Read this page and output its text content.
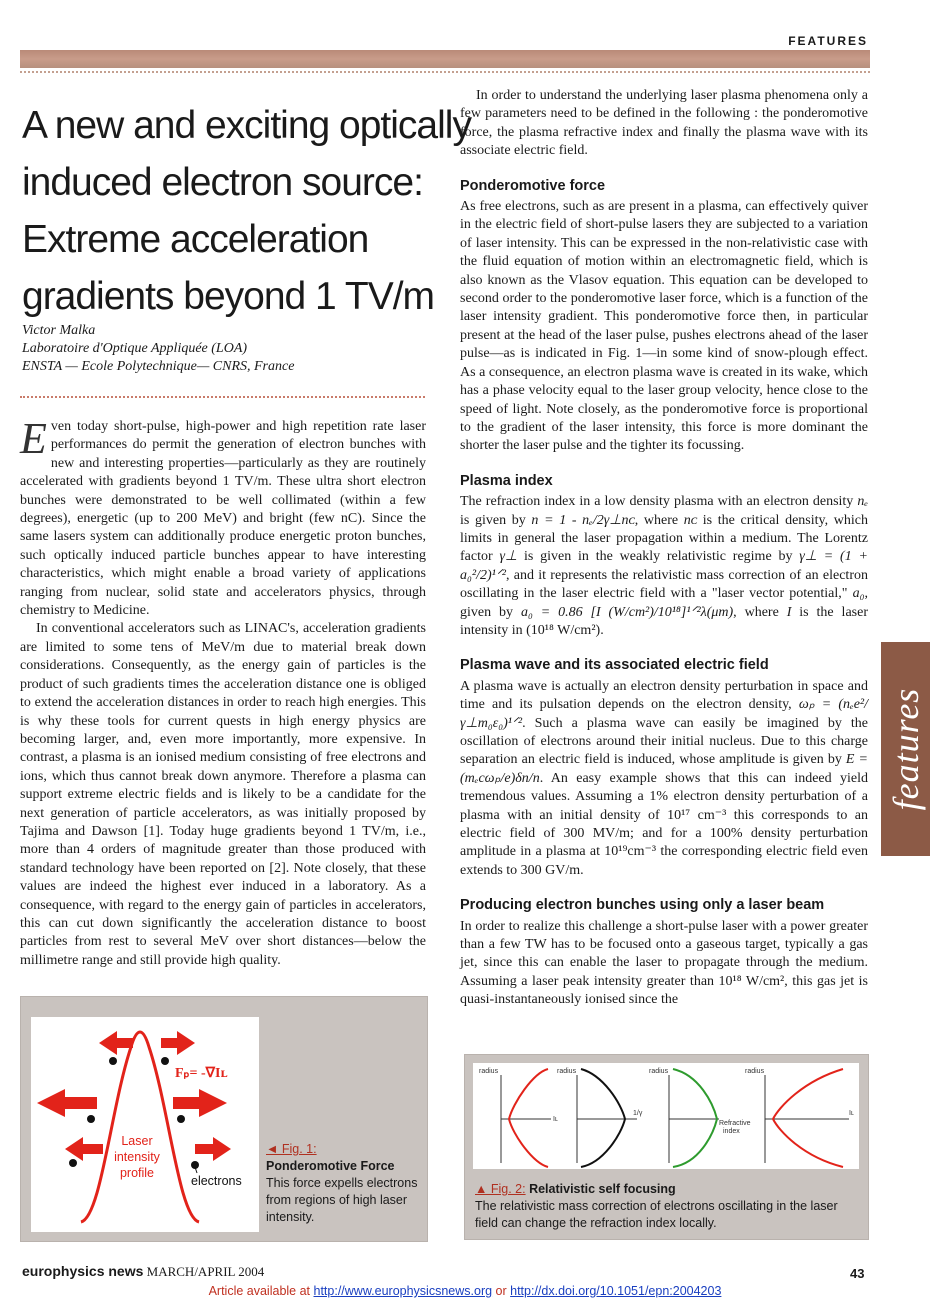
FEATURES
A new and exciting optically
induced electron source:
Extreme acceleration
gradients beyond 1 TV/m
Victor Malka
Laboratoire d'Optique Appliquée (LOA)
ENSTA — Ecole Polytechnique— CNRS, France

Even today short-pulse, high-power and high repetition rate laser performances do permit the generation of electron bunches with new and interesting properties—particularly as they are routinely accelerated with gradients beyond 1 TV/m. These ultra short electron bunches were demonstrated to be well collimated (within a few degrees), energetic (up to 200 MeV) and bright (few nC). Since the same lasers system can additionally produce energetic proton bunches, such optically induced particle bunches appear to have interesting characteristics, which might enable a broad variety of applications ranging from nuclear, solid state and accelerators physics, through chemistry to Medicine.

In conventional accelerators such as LINAC's, acceleration gradients are limited to some tens of MeV/m due to material break down considerations. Consequently, as the energy gain of particles is the product of such gradients times the acceleration distance one is obliged to extend the acceleration distances in order to reach high energies. This is why these tools for current quests in high energy physics are becoming larger, and, even more importantly, more expensive. In contrast, a plasma is an ionised medium consisting of free electrons and ions, which thus cannot break down anymore. Therefore a plasma can support extreme electric fields and is likely to be a candidate for the next generation of particle accelerators, as was initially proposed by Tajima and Dawson [1]. Today huge gradients beyond 1 TV/m, i.e., more than 4 orders of magnitude greater than those produced with standard technology have been reported on [2]. Note closely, that these values are indeed the highest ever induced in a laboratory. As a consequence, with regard to the energy gain of particles in accelerators, this can cut down significantly the acceleration distance to boost particles from rest to several MeV over short distances—below the millimetre range and still provide high quality.

In order to understand the underlying laser plasma phenomena only a few parameters need to be defined in the following : the ponderomotive force, the plasma refractive index and finally the plasma wave with its associate electric field.

Ponderomotive force

As free electrons, such as are present in a plasma, can effectively quiver in the electric field of short-pulse lasers they are subjected to a variation of laser intensity. This can be expressed in the non-relativistic case with the fluid equation of motion within an electromagnetic field, which is also known as the Vlasov equation. This equation can be developed to second order to the ponderomotive laser force, which is a function of the laser intensity gradient. This ponderomotive force then, in particular present at the head of the laser pulse, pushes electrons ahead of the laser pulse—as is indicated in Fig. 1—in some kind of snow-plough effect. As a consequence, an electron plasma wave is created in its wake, which has a phase velocity equal to the laser group velocity, hence close to the speed of light. Note closely, as the ponderomotive force is proportional to the gradient of the laser intensity, this force is more dominant the shorter the laser pulse and the tighter its focussing.

Plasma index

The refraction index in a low density plasma with an electron density nₑ is given by n = 1 - nₑ/2γ⊥nᴄ, where nᴄ is the critical density, which limits in general the laser propagation within a medium. The Lorentz factor γ⊥ is given in the weakly relativistic regime by γ⊥ = (1 + a₀²/2)¹ᐟ², and it represents the relativistic mass correction of an electron oscillating in the laser electric field with a "laser vector potential," a₀, given by a₀ = 0.86 [I (W/cm²)/10¹⁸]¹ᐟ²λ(μm), where I is the laser intensity in (10¹⁸ W/cm²).

Plasma wave and its associated electric field

A plasma wave is actually an electron density perturbation in space and time and its pulsation depends on the electron density, ωₚ = (nₑe²/γ⊥m₀ε₀)¹ᐟ². Such a plasma wave can easily be imagined by the oscillation of electrons around their initial nucleus. Due to this charge separation an electric field is induced, whose amplitude is given by E = (mₑcωₚ/e)δn/n. An easy example shows that this can indeed yield tremendous values. Assuming a 1% electron density perturbation of a plasma with an initial density of 10¹⁷ cm⁻³ this corresponds to an electric field of 300 MV/m; and for a 100% density perturbation amplitude in a plasma at 10¹⁹cm⁻³ the corresponding electric field even extends to 300 GV/m.

Producing electron bunches using only a laser beam

In order to realize this challenge a short-pulse laser with a power greater than a few TW has to be focused onto a gaseous target, typically a gas jet, since this can enable the laser to propagate through the medium. Assuming a laser peak intensity greater than 10¹⁸ W/cm², this gas jet is quasi-instantaneously ionised since the

features
Fₚ= -∇Iʟ
Laser
intensity
profile
electrons
◄ Fig. 1:
Ponderomotive Force
This force expells electrons from regions of high laser intensity.
radius
Iʟ
radius
1/γ
radius
Refractive
index
radius
Iʟ
▲ Fig. 2: Relativistic self focusing
The relativistic mass correction of electrons oscillating in the laser field can change the refraction index locally.
europhysics news MARCH/APRIL 2004	43
Article available at http://www.europhysicsnews.org or http://dx.doi.org/10.1051/epn:2004203
